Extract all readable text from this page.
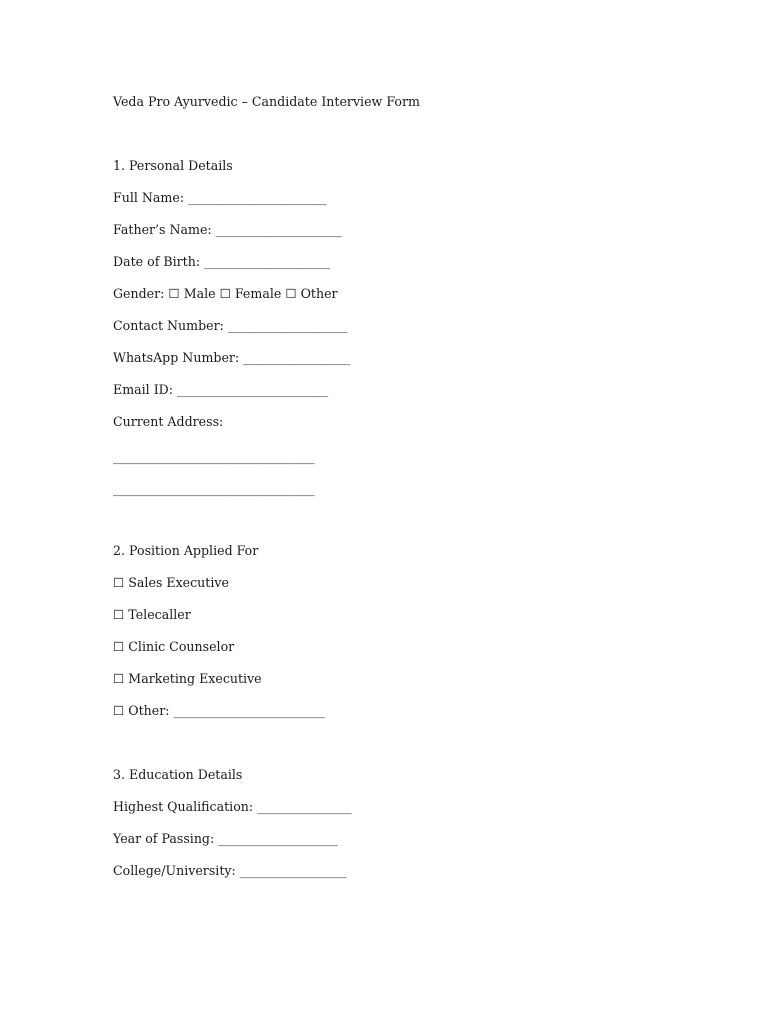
Veda Pro Ayurvedic – Candidate Interview Form
1. Personal Details
Full Name: ______________________
Father’s Name: ____________________
Date of Birth: ____________________
Gender: ☐ Male ☐ Female ☐ Other
Contact Number: ___________________
WhatsApp Number: _________________
Email ID: ________________________
Current Address:
________________________________
________________________________
2. Position Applied For
☐ Sales Executive
☐ Telecaller
☐ Clinic Counselor
☐ Marketing Executive
☐ Other: ________________________
3. Education Details
Highest Qualification: _______________
Year of Passing: ___________________
College/University: _________________
